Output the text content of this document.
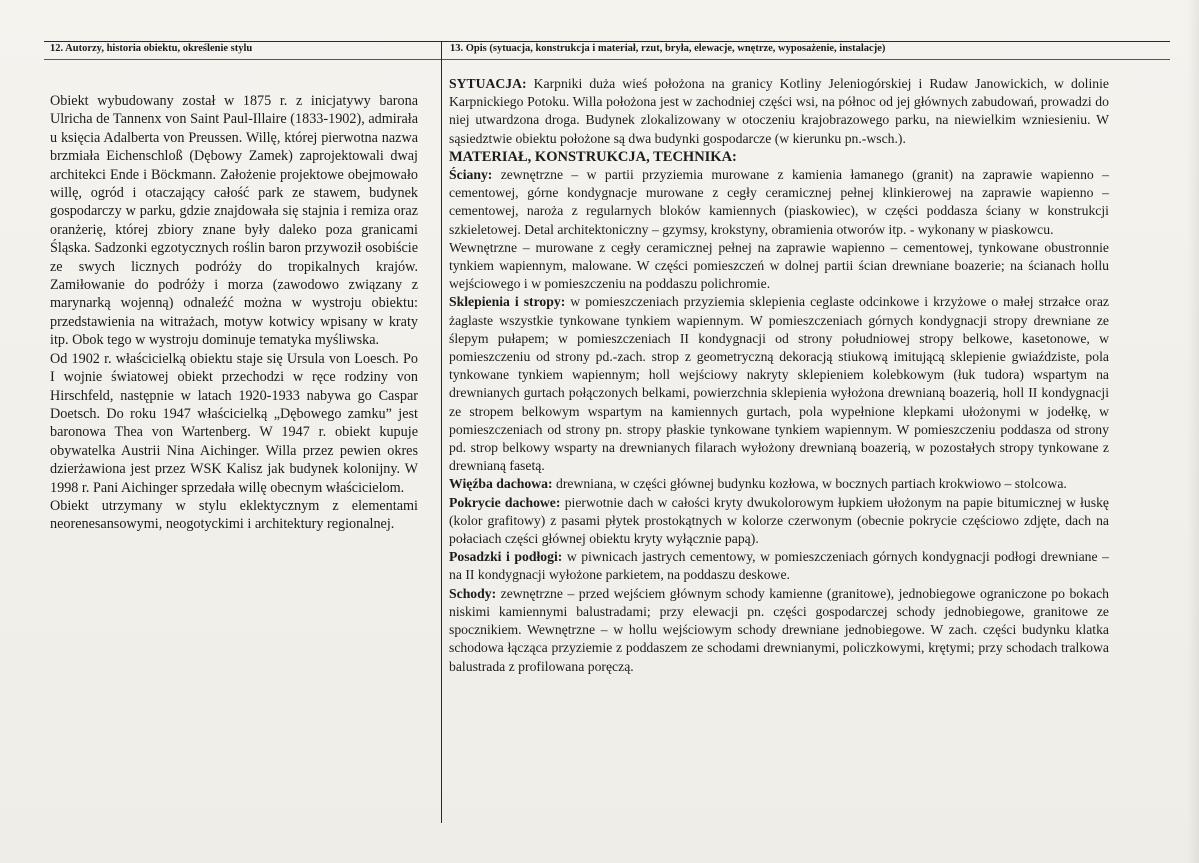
12. Autorzy, historia obiektu, określenie stylu	13. Opis (sytuacja, konstrukcja i materiał, rzut, bryła, elewacje, wnętrze, wyposażenie, instalacje)

Obiekt wybudowany został w 1875 r. z inicjatywy barona Ulricha de Tannenx von Saint Paul-Illaire (1833-1902), admirała u księcia Adalberta von Preussen. Willę, której pierwotna nazwa brzmiała Eichenschloß (Dębowy Zamek) zaprojektowali dwaj architekci Ende i Böckmann. Założenie projektowe obejmowało willę, ogród i otaczający całość park ze stawem, budynek gospodarczy w parku, gdzie znajdowała się stajnia i remiza oraz oranżerię, której zbiory znane były daleko poza granicami Śląska. Sadzonki egzotycznych roślin baron przywoził osobiście ze swych licznych podróży do tropikalnych krajów. Zamiłowanie do podróży i morza (zawodowo związany z marynarką wojenną) odnaleźć można w wystroju obiektu: przedstawienia na witrażach, motyw kotwicy wpisany w kraty itp. Obok tego w wystroju dominuje tematyka myśliwska.

Od 1902 r. właścicielką obiektu staje się Ursula von Loesch. Po I wojnie światowej obiekt przechodzi w ręce rodziny von Hirschfeld, następnie w latach 1920-1933 nabywa go Caspar Doetsch. Do roku 1947 właścicielką „Dębowego zamku” jest baronowa Thea von Wartenberg. W 1947 r. obiekt kupuje obywatelka Austrii Nina Aichinger. Willa przez pewien okres dzierżawiona jest przez WSK Kalisz jak budynek kolonijny. W 1998 r. Pani Aichinger sprzedała willę obecnym właścicielom.

Obiekt utrzymany w stylu eklektycznym z elementami neorenesansowymi, neogotyckimi i architektury regionalnej.

SYTUACJA: Karpniki duża wieś położona na granicy Kotliny Jeleniogórskiej i Rudaw Janowickich, w dolinie Karpnickiego Potoku. Willa położona jest w zachodniej części wsi, na północ od jej głównych zabudowań, prowadzi do niej utwardzona droga. Budynek zlokalizowany w otoczeniu krajobrazowego parku, na niewielkim wzniesieniu. W sąsiedztwie obiektu położone są dwa budynki gospodarcze (w kierunku pn.-wsch.).

MATERIAŁ, KONSTRUKCJA, TECHNIKA:

Ściany: zewnętrzne – w partii przyziemia murowane z kamienia łamanego (granit) na zaprawie wapienno – cementowej, górne kondygnacje murowane z cegły ceramicznej pełnej klinkierowej na zaprawie wapienno – cementowej, naroża z regularnych bloków kamiennych (piaskowiec), w części poddasza ściany w konstrukcji szkieletowej. Detal architektoniczny – gzymsy, krokstyny, obramienia otworów itp. - wykonany w piaskowcu.

Wewnętrzne – murowane z cegły ceramicznej pełnej na zaprawie wapienno – cementowej, tynkowane obustronnie tynkiem wapiennym, malowane. W części pomieszczeń w dolnej partii ścian drewniane boazerie; na ścianach hollu wejściowego i w pomieszczeniu na poddaszu polichromie.

Sklepienia i stropy: w pomieszczeniach przyziemia sklepienia ceglaste odcinkowe i krzyżowe o małej strzałce oraz żaglaste wszystkie tynkowane tynkiem wapiennym. W pomieszczeniach górnych kondygnacji stropy drewniane ze ślepym pułapem; w pomieszczeniach II kondygnacji od strony południowej stropy belkowe, kasetonowe, w pomieszczeniu od strony pd.-zach. strop z geometryczną dekoracją stiukową imitującą sklepienie gwiaździste, pola tynkowane tynkiem wapiennym; holl wejściowy nakryty sklepieniem kolebkowym (łuk tudora) wspartym na drewnianych gurtach połączonych belkami, powierzchnia sklepienia wyłożona drewnianą boazerią, holl II kondygnacji ze stropem belkowym wspartym na kamiennych gurtach, pola wypełnione klepkami ułożonymi w jodełkę, w pomieszczeniach od strony pn. stropy płaskie tynkowane tynkiem wapiennym. W pomieszczeniu poddasza od strony pd. strop belkowy wsparty na drewnianych filarach wyłożony drewnianą boazerią, w pozostałych stropy tynkowane z drewnianą fasetą.

Więźba dachowa: drewniana, w części głównej budynku kozłowa, w bocznych partiach krokwiowo – stolcowa.

Pokrycie dachowe: pierwotnie dach w całości kryty dwukolorowym łupkiem ułożonym na papie bitumicznej w łuskę (kolor grafitowy) z pasami płytek prostokątnych w kolorze czerwonym (obecnie pokrycie częściowo zdjęte, dach na połaciach części głównej obiektu kryty wyłącznie papą).

Posadzki i podłogi: w piwnicach jastrych cementowy, w pomieszczeniach górnych kondygnacji podłogi drewniane – na II kondygnacji wyłożone parkietem, na poddaszu deskowe.

Schody: zewnętrzne – przed wejściem głównym schody kamienne (granitowe), jednobiegowe ograniczone po bokach niskimi kamiennymi balustradami; przy elewacji pn. części gospodarczej schody jednobiegowe, granitowe ze spocznikiem. Wewnętrzne – w hollu wejściowym schody drewniane jednobiegowe. W zach. części budynku klatka schodowa łącząca przyziemie z poddaszem ze schodami drewnianymi, policzkowymi, krętymi; przy schodach tralkowa balustrada z profilowana poręczą.
